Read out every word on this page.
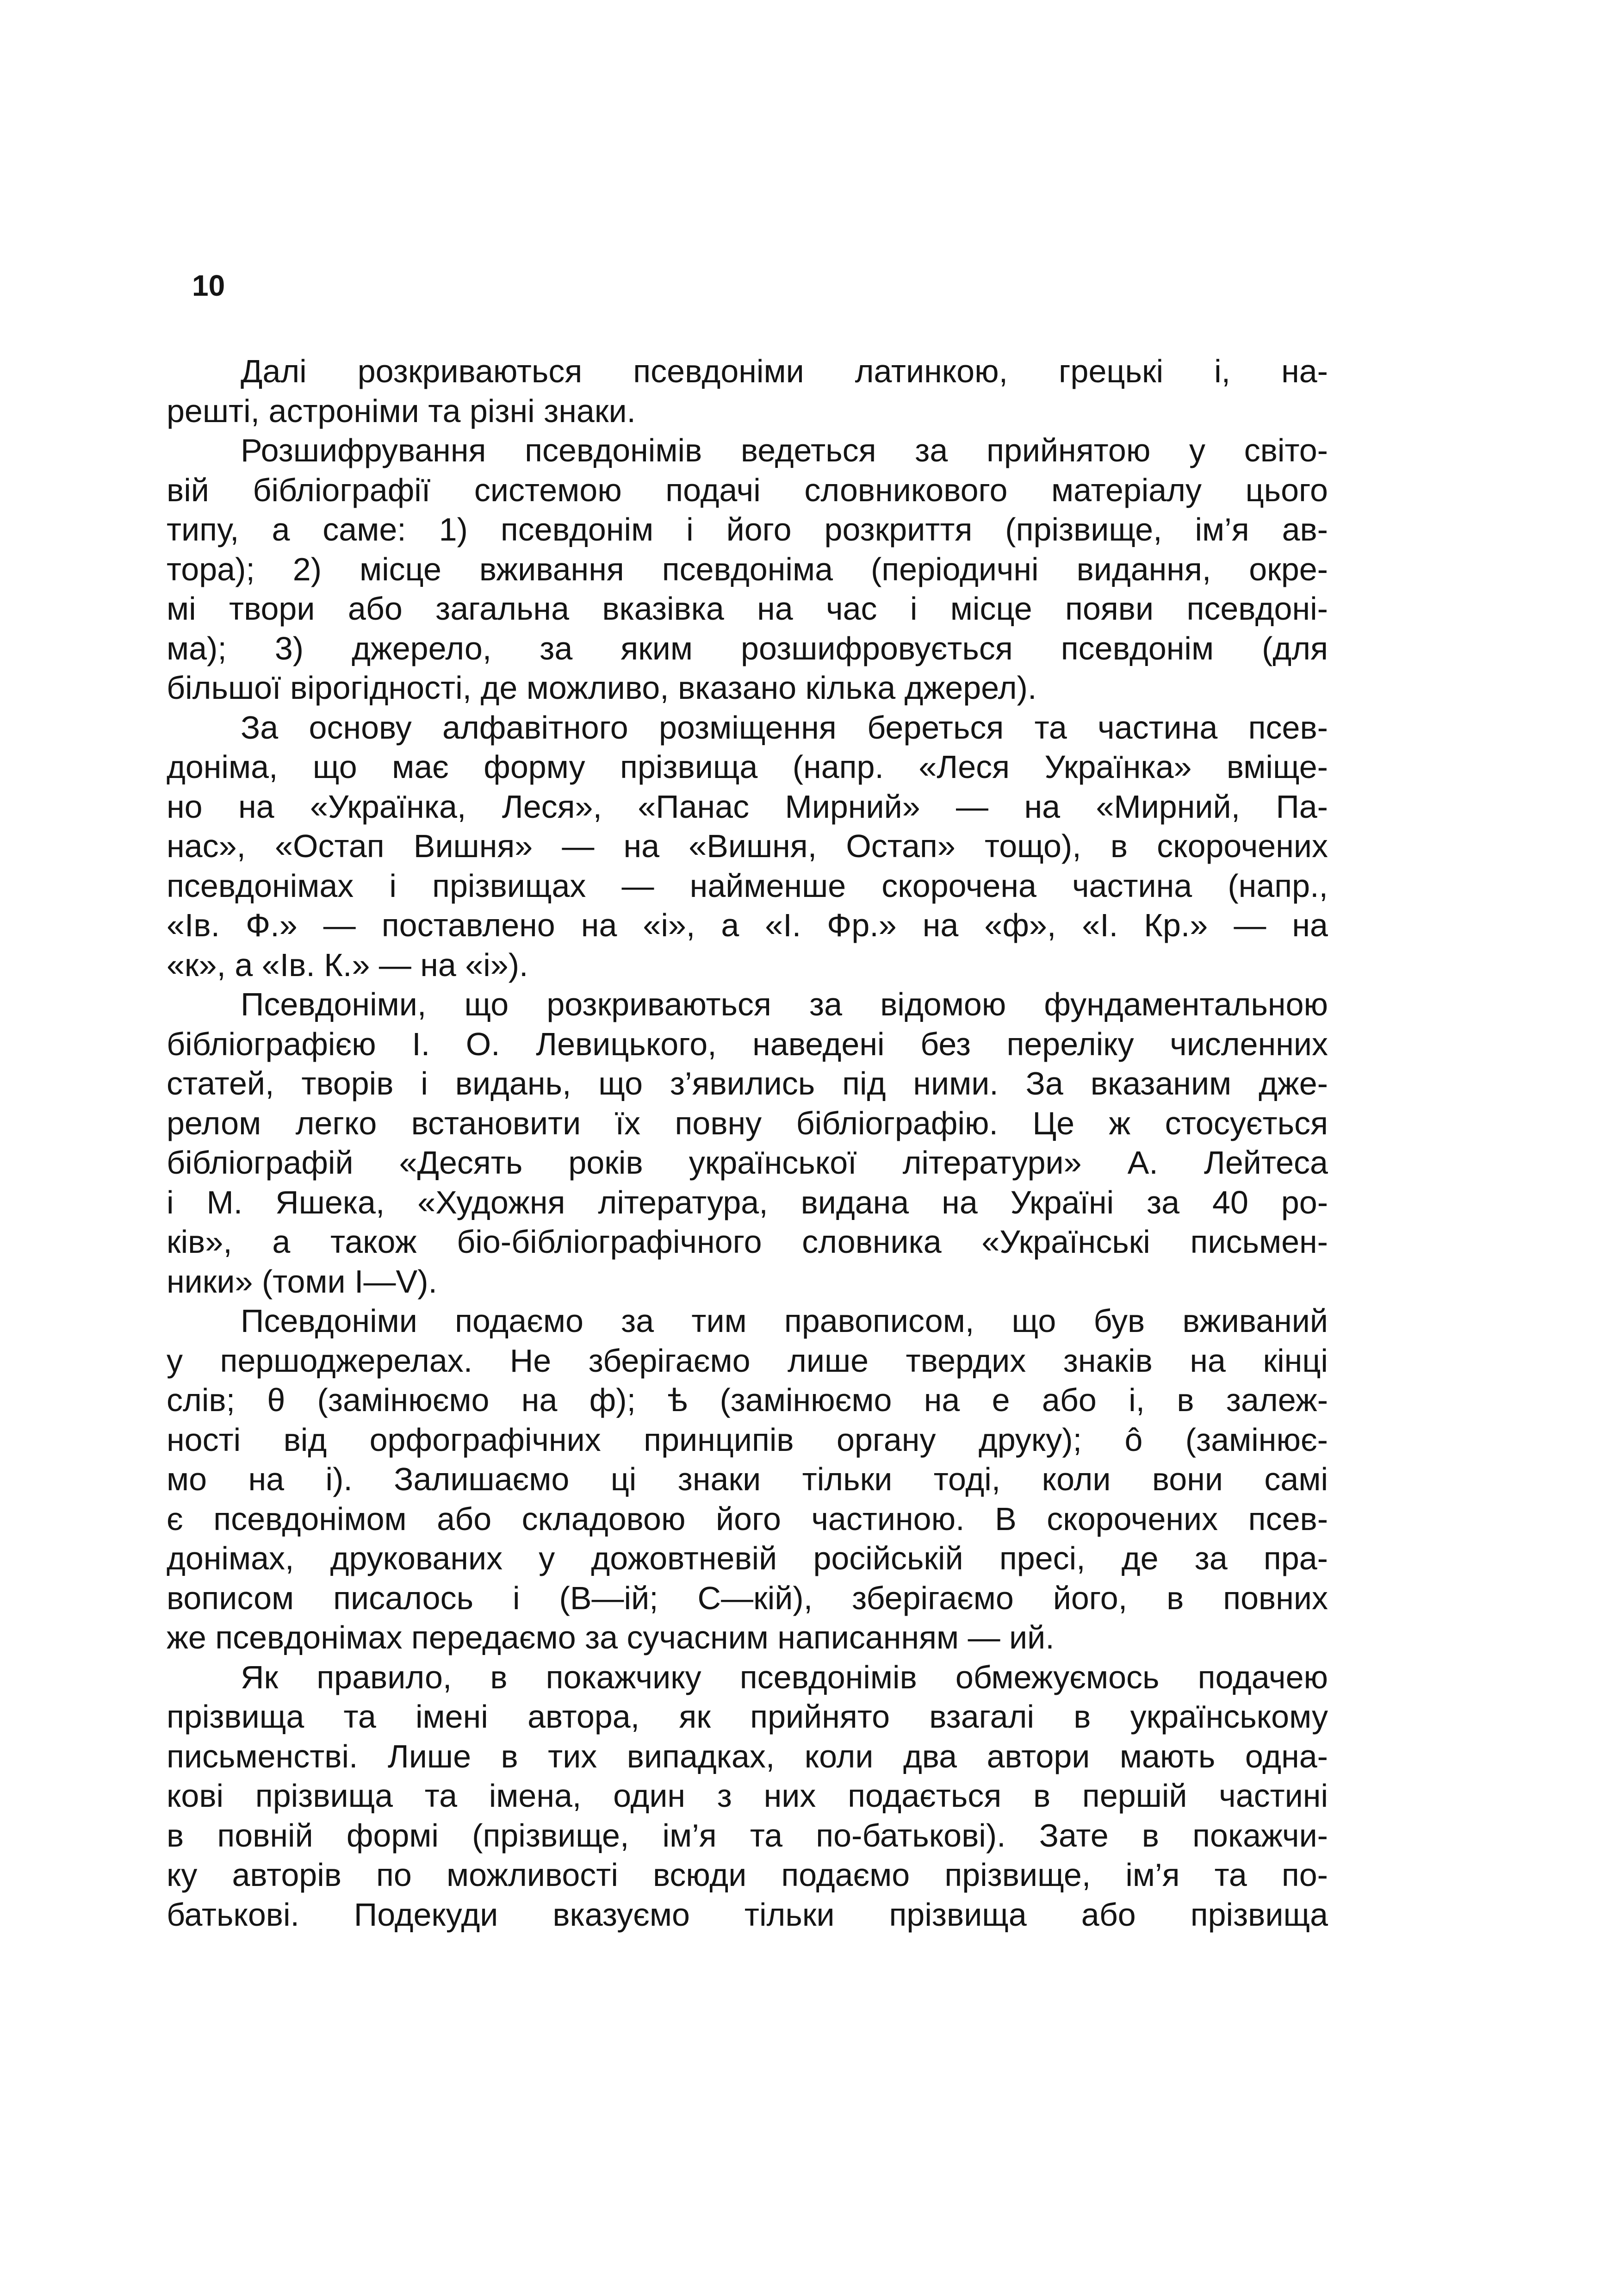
10
Далі розкриваються псевдоніми латинкою, грецькі і, на-
решті, астроніми та різні знаки.
Розшифрування псевдонімів ведеться за прийнятою у світо-
вій бібліографії системою подачі словникового матеріалу цього
типу, а саме: 1) псевдонім і його розкриття (прізвище, ім’я ав-
тора); 2) місце вживання псевдоніма (періодичні видання, окре-
мі твори або загальна вказівка на час і місце появи псевдоні-
ма); 3) джерело, за яким розшифровується псевдонім (для
більшої вірогідності, де можливо, вказано кілька джерел).
За основу алфавітного розміщення береться та частина псев-
доніма, що має форму прізвища (напр. «Леся Українка» вміще-
но на «Українка, Леся», «Панас Мирний» — на «Мирний, Па-
нас», «Остап Вишня» — на «Вишня, Остап» тощо), в скорочених
псевдонімах і прізвищах — найменше скорочена частина (напр.,
«Ів. Ф.» — поставлено на «і», а «І. Фр.» на «ф», «І. Кр.» — на
«к», а «Ів. К.» — на «і»).
Псевдоніми, що розкриваються за відомою фундаментальною
бібліографією І. О. Левицького, наведені без переліку численних
статей, творів і видань, що з’явились під ними. За вказаним дже-
релом легко встановити їх повну бібліографію. Це ж стосується
бібліографій «Десять років української літератури» А. Лейтеса
і М. Яшека, «Художня література, видана на Україні за 40 ро-
ків», а також біо-бібліографічного словника «Українські письмен-
ники» (томи І—V).
Псевдоніми подаємо за тим правописом, що був вживаний
у першоджерелах. Не зберігаємо лише твердих знаків на кінці
слів; θ (замінюємо на ф); ѣ (замінюємо на е або і, в залеж-
ності від орфографічних принципів органу друку); ô (замінює-
мо на і). Залишаємо ці знаки тільки тоді, коли вони самі
є псевдонімом або складовою його частиною. В скорочених псев-
донімах, друкованих у дожовтневій російській пресі, де за пра-
вописом писалось і (В—ій; С—кій), зберігаємо його, в повних
же псевдонімах передаємо за сучасним написанням — ий.
Як правило, в покажчику псевдонімів обмежуємось подачею
прізвища та імені автора, як прийнято взагалі в українському
письменстві. Лише в тих випадках, коли два автори мають одна-
кові прізвища та імена, один з них подається в першій частині
в повній формі (прізвище, ім’я та по-батькові). Зате в покажчи-
ку авторів по можливості всюди подаємо прізвище, ім’я та по-
батькові. Подекуди вказуємо тільки прізвища або прізвища
